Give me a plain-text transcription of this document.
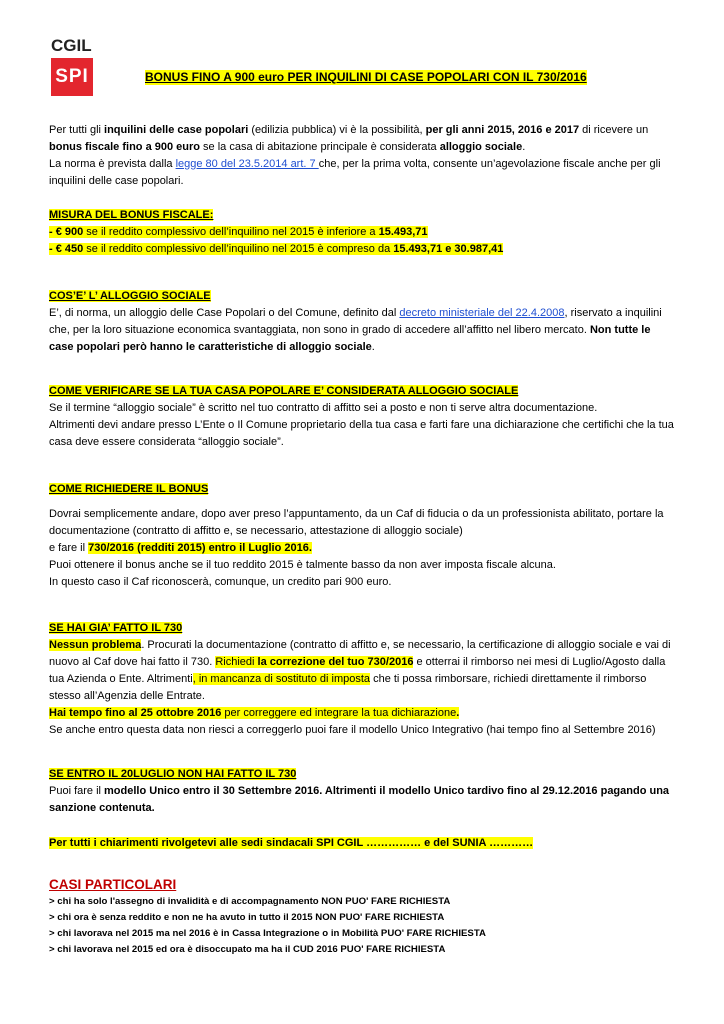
CGIL
SPI	BONUS FINO A 900 euro PER INQUILINI DI CASE POPOLARI CON IL 730/2016

Per tutti gli inquilini delle case popolari (edilizia pubblica) vi è la possibilità, per gli anni 2015, 2016 e 2017 di ricevere un bonus fiscale fino a 900 euro se la casa di abitazione principale è considerata alloggio sociale.

La norma è prevista dalla legge 80 del 23.5.2014 art. 7 che, per la prima volta, consente un’agevolazione fiscale anche per gli inquilini delle case popolari.

MISURA DEL BONUS FISCALE:

- € 900 se il reddito complessivo dell’inquilino nel 2015 è inferiore a 15.493,71

- € 450 se il reddito complessivo dell’inquilino nel 2015 è compreso da 15.493,71 e 30.987,41

COS’E’ L’ ALLOGGIO SOCIALE

E’, di norma, un alloggio delle Case Popolari o del Comune, definito dal decreto ministeriale del 22.4.2008, riservato a inquilini che, per la loro situazione economica svantaggiata, non sono in grado di accedere all’affitto nel libero mercato. Non tutte le case popolari però hanno le caratteristiche di alloggio sociale.

COME VERIFICARE SE LA TUA CASA POPOLARE E’ CONSIDERATA ALLOGGIO SOCIALE

Se il termine “alloggio sociale” è scritto nel tuo contratto di affitto sei a posto e non ti serve altra documentazione.

Altrimenti devi andare presso L’Ente o Il Comune proprietario della tua casa e farti fare una dichiarazione che certifichi che la tua casa deve essere considerata “alloggio sociale”.

COME RICHIEDERE IL BONUS

Dovrai semplicemente andare, dopo aver preso l’appuntamento, da un Caf di fiducia o da un professionista abilitato, portare la documentazione (contratto di affitto e, se necessario, attestazione di alloggio sociale)

e fare il 730/2016 (redditi 2015) entro il Luglio 2016.

Puoi ottenere il bonus anche se il tuo reddito 2015 è talmente basso da non aver imposta fiscale alcuna.

In questo caso il Caf riconoscerà, comunque, un credito pari 900 euro.

SE HAI GIA’ FATTO IL 730

Nessun problema. Procurati la documentazione (contratto di affitto e, se necessario, la certificazione di alloggio sociale e vai di nuovo al Caf dove hai fatto il 730. Richiedi la correzione del tuo 730/2016 e otterrai il rimborso nei mesi di Luglio/Agosto dalla tua Azienda o Ente. Altrimenti, in mancanza di sostituto di imposta che ti possa rimborsare, richiedi direttamente il rimborso stesso all’Agenzia delle Entrate.

Hai tempo fino al 25 ottobre 2016 per correggere ed integrare la tua dichiarazione.

Se anche entro questa data non riesci a correggerlo puoi fare il modello Unico Integrativo (hai tempo fino al Settembre 2016)

SE ENTRO IL 20LUGLIO NON HAI FATTO IL 730

Puoi fare il modello Unico entro il 30 Settembre 2016. Altrimenti il modello Unico tardivo fino al 29.12.2016 pagando una sanzione contenuta.

Per tutti i chiarimenti rivolgetevi alle sedi sindacali SPI CGIL …………… e del SUNIA …………

CASI PARTICOLARI

> chi ha solo l'assegno di invalidità e di accompagnamento NON PUO' FARE RICHIESTA

> chi ora è senza reddito e non ne ha avuto in tutto il 2015 NON PUO' FARE RICHIESTA

> chi lavorava nel 2015 ma nel 2016 è in Cassa Integrazione o in Mobilità PUO' FARE RICHIESTA

> chi lavorava nel 2015 ed ora è disoccupato ma ha il CUD 2016 PUO' FARE RICHIESTA
